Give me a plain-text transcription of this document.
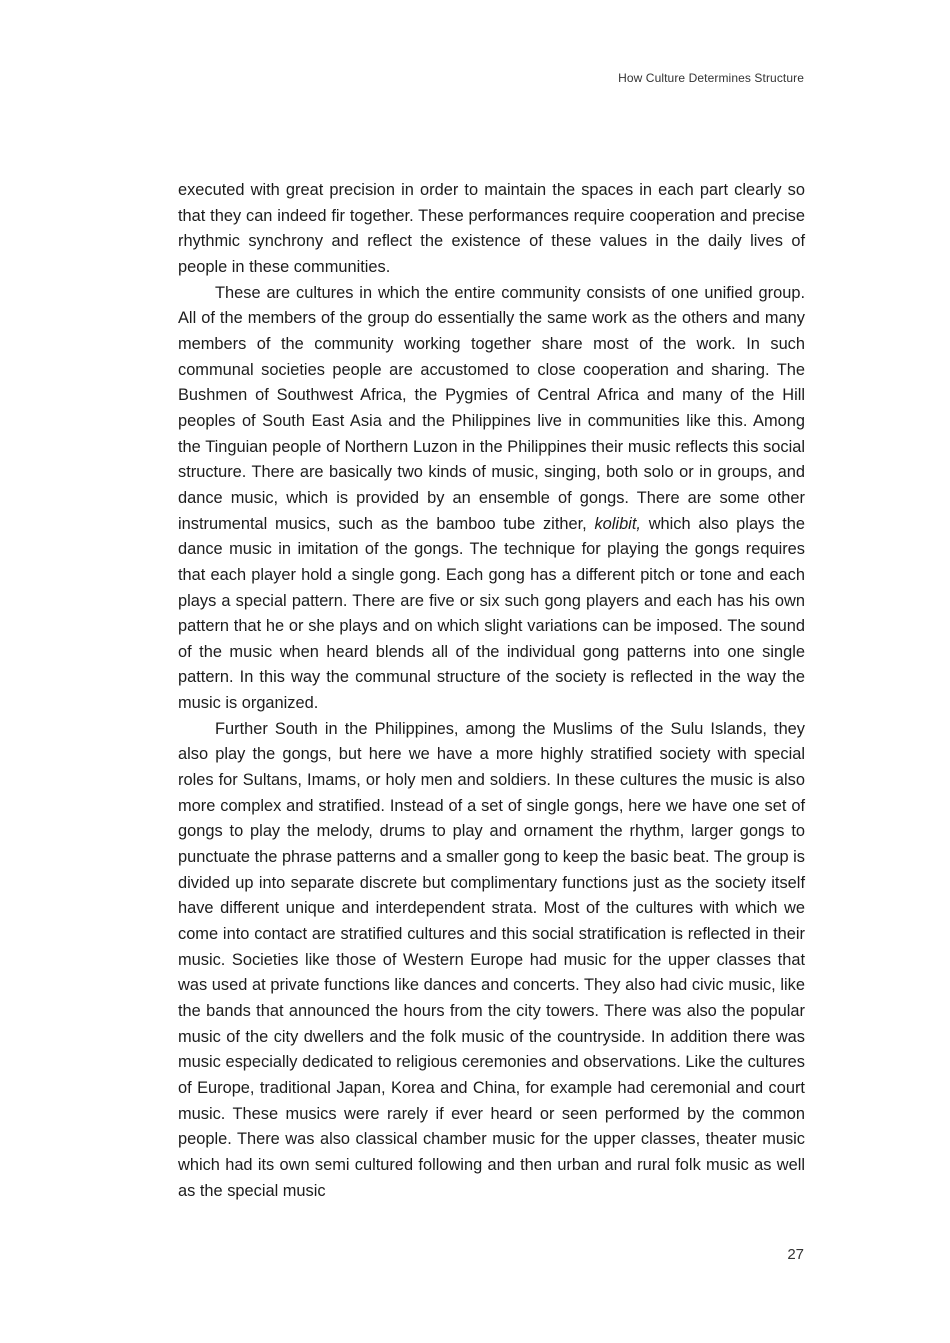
How Culture Determines Structure

executed with great precision in order to maintain the spaces in each part clearly so that they can indeed fir together. These performances require cooperation and precise rhythmic synchrony and reflect the existence of these values in the daily lives of people in these communities.

These are cultures in which the entire community consists of one unified group. All of the members of the group do essentially the same work as the others and many members of the community working together share most of the work. In such communal societies people are accustomed to close cooperation and sharing. The Bushmen of Southwest Africa, the Pygmies of Central Africa and many of the Hill peoples of South East Asia and the Philippines live in communities like this. Among the Tinguian people of Northern Luzon in the Philippines their music reflects this social structure. There are basically two kinds of music, singing, both solo or in groups, and dance music, which is provided by an ensemble of gongs. There are some other instrumental musics, such as the bamboo tube zither, kolibit, which also plays the dance music in imitation of the gongs. The technique for playing the gongs requires that each player hold a single gong. Each gong has a different pitch or tone and each plays a special pattern. There are five or six such gong players and each has his own pattern that he or she plays and on which slight variations can be imposed. The sound of the music when heard blends all of the individual gong patterns into one single pattern. In this way the communal structure of the society is reflected in the way the music is organized.

Further South in the Philippines, among the Muslims of the Sulu Islands, they also play the gongs, but here we have a more highly stratified society with special roles for Sultans, Imams, or holy men and soldiers. In these cultures the music is also more complex and stratified. Instead of a set of single gongs, here we have one set of gongs to play the melody, drums to play and ornament the rhythm, larger gongs to punctuate the phrase patterns and a smaller gong to keep the basic beat. The group is divided up into separate discrete but complimentary functions just as the society itself have different unique and interdependent strata. Most of the cultures with which we come into contact are stratified cultures and this social stratification is reflected in their music. Societies like those of Western Europe had music for the upper classes that was used at private functions like dances and concerts. They also had civic music, like the bands that announced the hours from the city towers. There was also the popular music of the city dwellers and the folk music of the countryside. In addition there was music especially dedicated to religious ceremonies and observations. Like the cultures of Europe, traditional Japan, Korea and China, for example had ceremonial and court music. These musics were rarely if ever heard or seen performed by the common people. There was also classical chamber music for the upper classes, theater music which had its own semi cultured following and then urban and rural folk music as well as the special music

27
